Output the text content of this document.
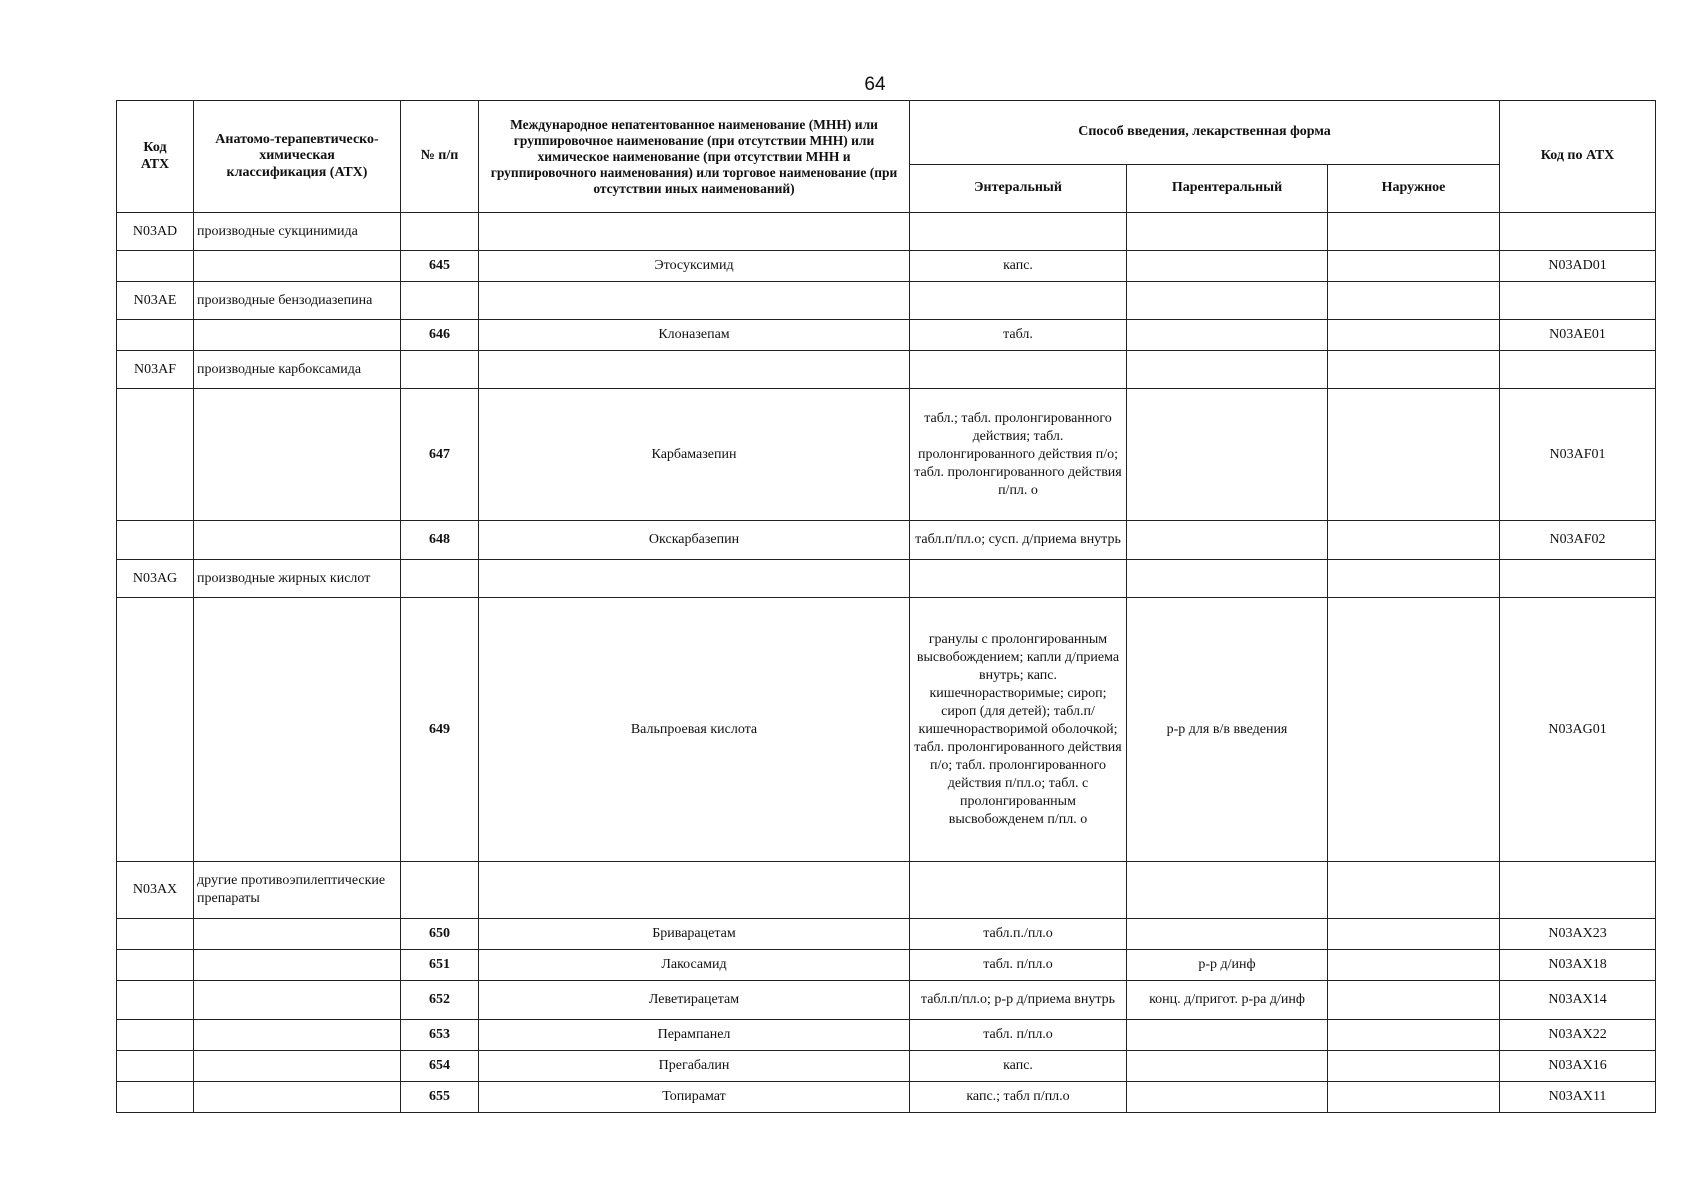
64
Код АТХ	Анатомо-терапевтическо-химическая классификация (АТХ)	№ п/п	Международное непатентованное наименование (МНН) или группировочное наименование (при отсутствии МНН) или химическое наименование (при отсутствии МНН и группировочного наименования) или торговое наименование (при отсутствии иных наименований)	Способ введения, лекарственная форма			Код по АТХ
				Энтеральный	Парентеральный	Наружное	
N03AD	производные сукцинимида						
		645	Этосуксимид	капс.			N03AD01
N03AE	производные бензодиазепина						
		646	Клоназепам	табл.			N03AE01
N03AF	производные карбоксамида						
		647	Карбамазепин	табл.; табл. пролонгированного действия; табл. пролонгированного действия п/о; табл. пролонгированного действия п/пл. о			N03AF01
		648	Окскарбазепин	табл.п/пл.о; сусп. д/приема внутрь			N03AF02
N03AG	производные жирных кислот						
		649	Вальпроевая кислота	гранулы с пролонгированным высвобождением; капли д/приема внутрь; капс. кишечнорастворимые; сироп; сироп (для детей); табл.п/кишечнорастворимой оболочкой; табл. пролонгированного действия п/о; табл. пролонгированного действия п/пл.о; табл. с пролонгированным высвобожденем п/пл. о	р-р для в/в введения		N03AG01
N03AX	другие противоэпилептические препараты						
		650	Бриварацетам	табл.п./пл.о			N03AX23
		651	Лакосамид	табл. п/пл.о	р-р д/инф		N03AX18
		652	Леветирацетам	табл.п/пл.о; р-р д/приема внутрь	конц. д/пригот. р-ра д/инф		N03AX14
		653	Перампанел	табл. п/пл.о			N03AX22
		654	Прегабалин	капс.			N03AX16
		655	Топирамат	капс.; табл п/пл.о			N03AX11
